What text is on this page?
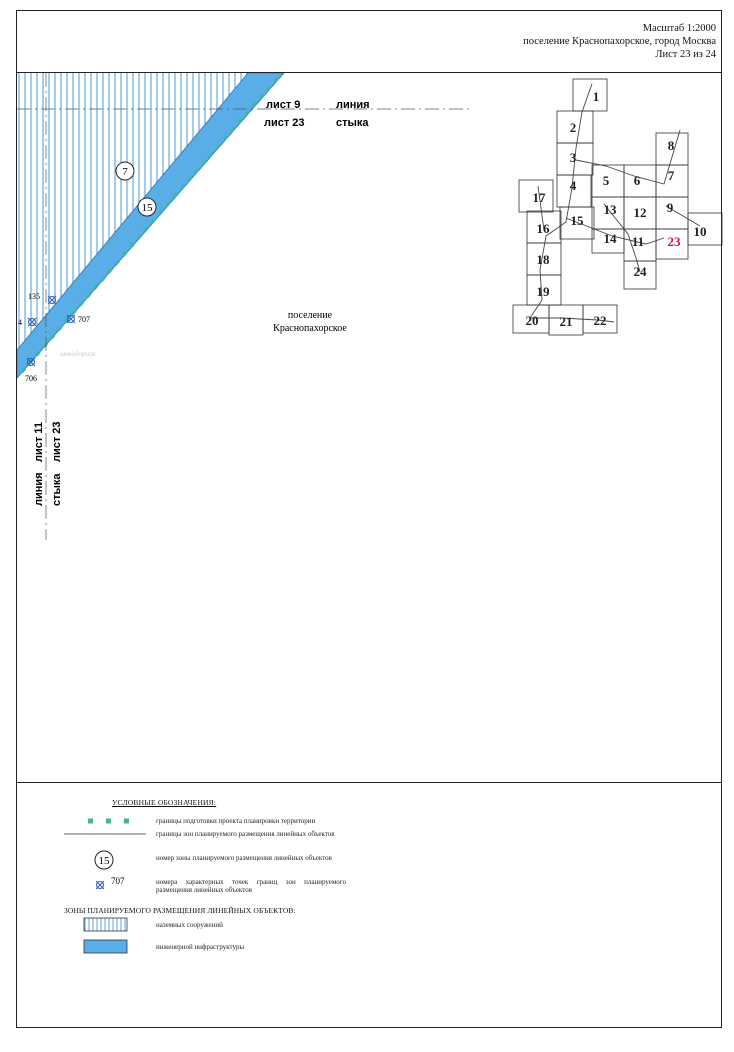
Масштаб 1:2000
поселение Краснопахорское, город Москва
Лист 23 из 24
лист 9
лист 23
линия
стыка
линия
лист 11
стыка
лист 23
7
15
135
4	707
706
автодорога
поселение
Краснопахорское
1
2
3
4 5 6 7
8
9
10
11
12
13
14
15
16
17
18
19
20 21 22
23
24
15
707
УСЛОВНЫЕ ОБОЗНАЧЕНИЯ:
границы подготовки проекта планировки территории
границы зон планируемого размещения линейных объектов
номер зоны планируемого размещения линейных объектов
номера характерных точек границ зон планируемого размещения линейных объектов
ЗОНЫ ПЛАНИРУЕМОГО РАЗМЕЩЕНИЯ ЛИНЕЙНЫХ ОБЪЕКТОВ:
наземных сооружений
инженерной инфраструктуры
